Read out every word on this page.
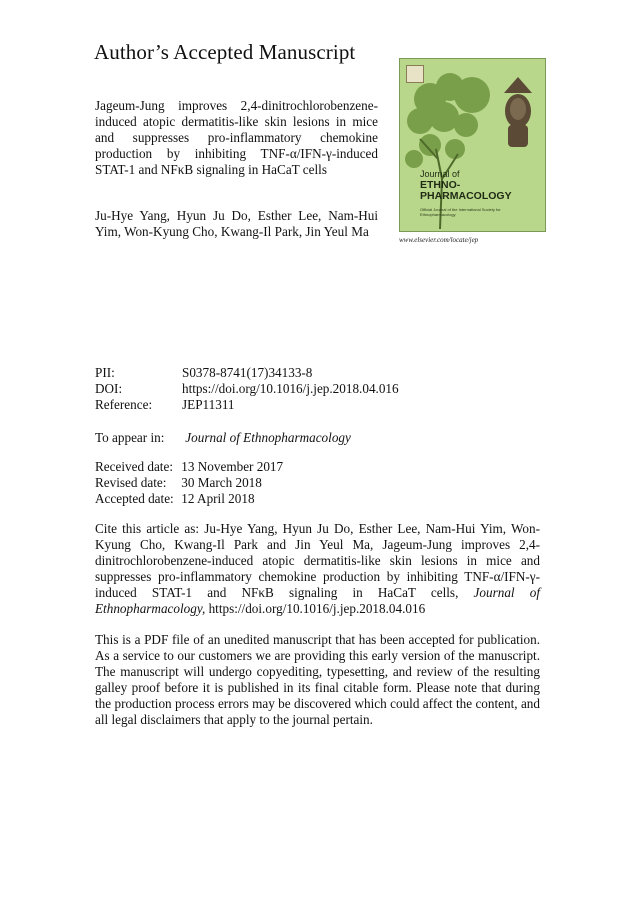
Author’s Accepted Manuscript
Jageum-Jung improves 2,4-dinitrochlorobenzene-induced atopic dermatitis-like skin lesions in mice and suppresses pro-inflammatory chemokine production by inhibiting TNF-α/IFN-γ-induced STAT-1 and NFκB signaling in HaCaT cells
Ju-Hye Yang, Hyun Ju Do, Esther Lee, Nam-Hui Yim, Won-Kyung Cho, Kwang-Il Park, Jin Yeul Ma
Journal of
ETHNO-
PHARMACOLOGY
Official Journal of the International Society for Ethnopharmacology
www.elsevier.com/locate/jep
PII:	S0378-8741(17)34133-8
DOI:	https://doi.org/10.1016/j.jep.2018.04.016
Reference:	JEP11311
To appear in: Journal of Ethnopharmacology
Received date: 13 November 2017
Revised date: 30 March 2018
Accepted date: 12 April 2018
Cite this article as: Ju-Hye Yang, Hyun Ju Do, Esther Lee, Nam-Hui Yim, Won-Kyung Cho, Kwang-Il Park and Jin Yeul Ma, Jageum-Jung improves 2,4-dinitrochlorobenzene-induced atopic dermatitis-like skin lesions in mice and suppresses pro-inflammatory chemokine production by inhibiting TNF-α/IFN-γ-induced STAT-1 and NFκB signaling in HaCaT cells, Journal of Ethnopharmacology, https://doi.org/10.1016/j.jep.2018.04.016
This is a PDF file of an unedited manuscript that has been accepted for publication. As a service to our customers we are providing this early version of the manuscript. The manuscript will undergo copyediting, typesetting, and review of the resulting galley proof before it is published in its final citable form. Please note that during the production process errors may be discovered which could affect the content, and all legal disclaimers that apply to the journal pertain.
